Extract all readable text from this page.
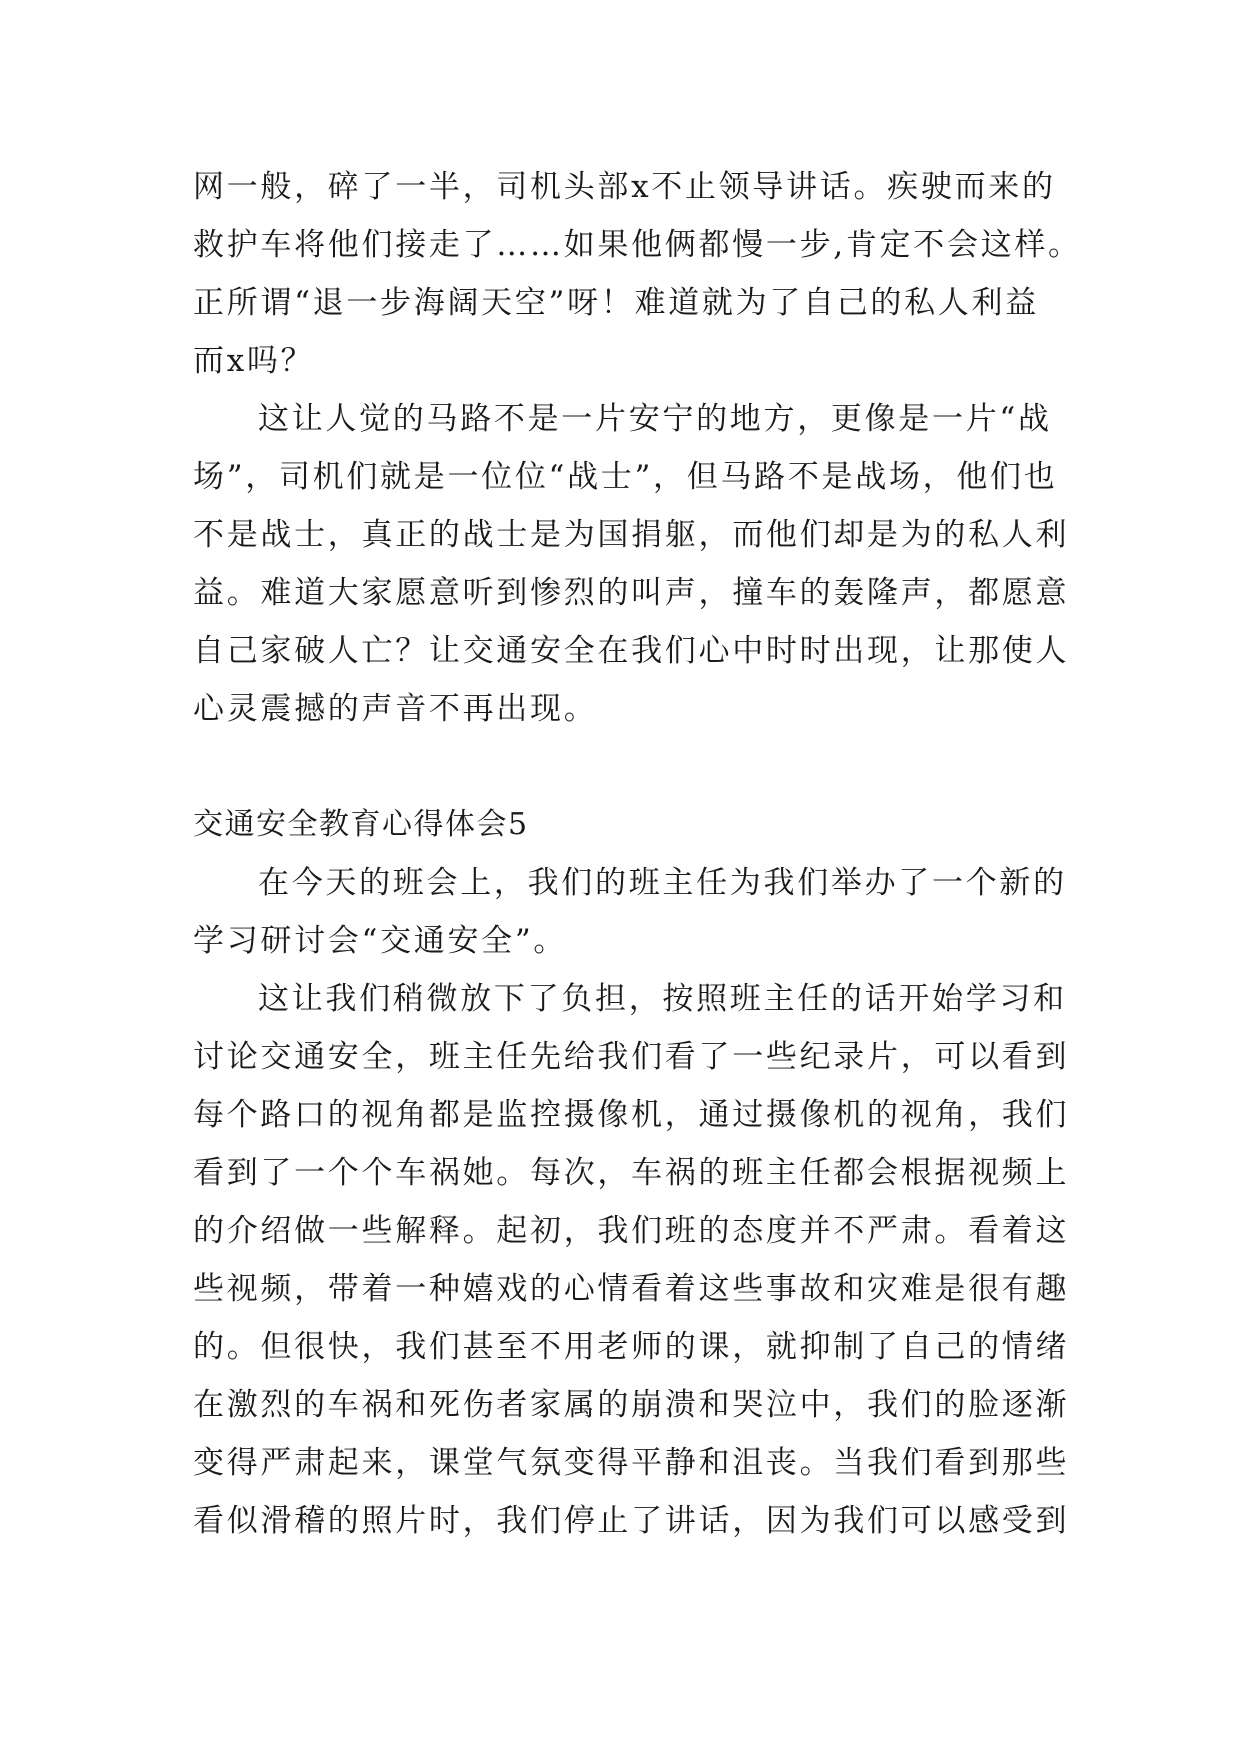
网一般，碎了一半，司机头部x不止领导讲话。疾驶而来的
救护车将他们接走了……如果他俩都慢一步,肯定不会这样。
正所谓“退一步海阔天空”呀！难道就为了自己的私人利益
而x吗？
这让人觉的马路不是一片安宁的地方，更像是一片“战
场”，司机们就是一位位“战士”，但马路不是战场，他们也
不是战士，真正的战士是为国捐躯，而他们却是为的私人利
益。难道大家愿意听到惨烈的叫声，撞车的轰隆声，都愿意
自己家破人亡？让交通安全在我们心中时时出现，让那使人
心灵震撼的声音不再出现。
交通安全教育心得体会5
在今天的班会上，我们的班主任为我们举办了一个新的
学习研讨会“交通安全”。
这让我们稍微放下了负担，按照班主任的话开始学习和
讨论交通安全，班主任先给我们看了一些纪录片，可以看到
每个路口的视角都是监控摄像机，通过摄像机的视角，我们
看到了一个个车祸她。每次，车祸的班主任都会根据视频上
的介绍做一些解释。起初，我们班的态度并不严肃。看着这
些视频，带着一种嬉戏的心情看着这些事故和灾难是很有趣
的。但很快，我们甚至不用老师的课，就抑制了自己的情绪
在激烈的车祸和死伤者家属的崩溃和哭泣中，我们的脸逐渐
变得严肃起来，课堂气氛变得平静和沮丧。当我们看到那些
看似滑稽的照片时，我们停止了讲话，因为我们可以感受到
